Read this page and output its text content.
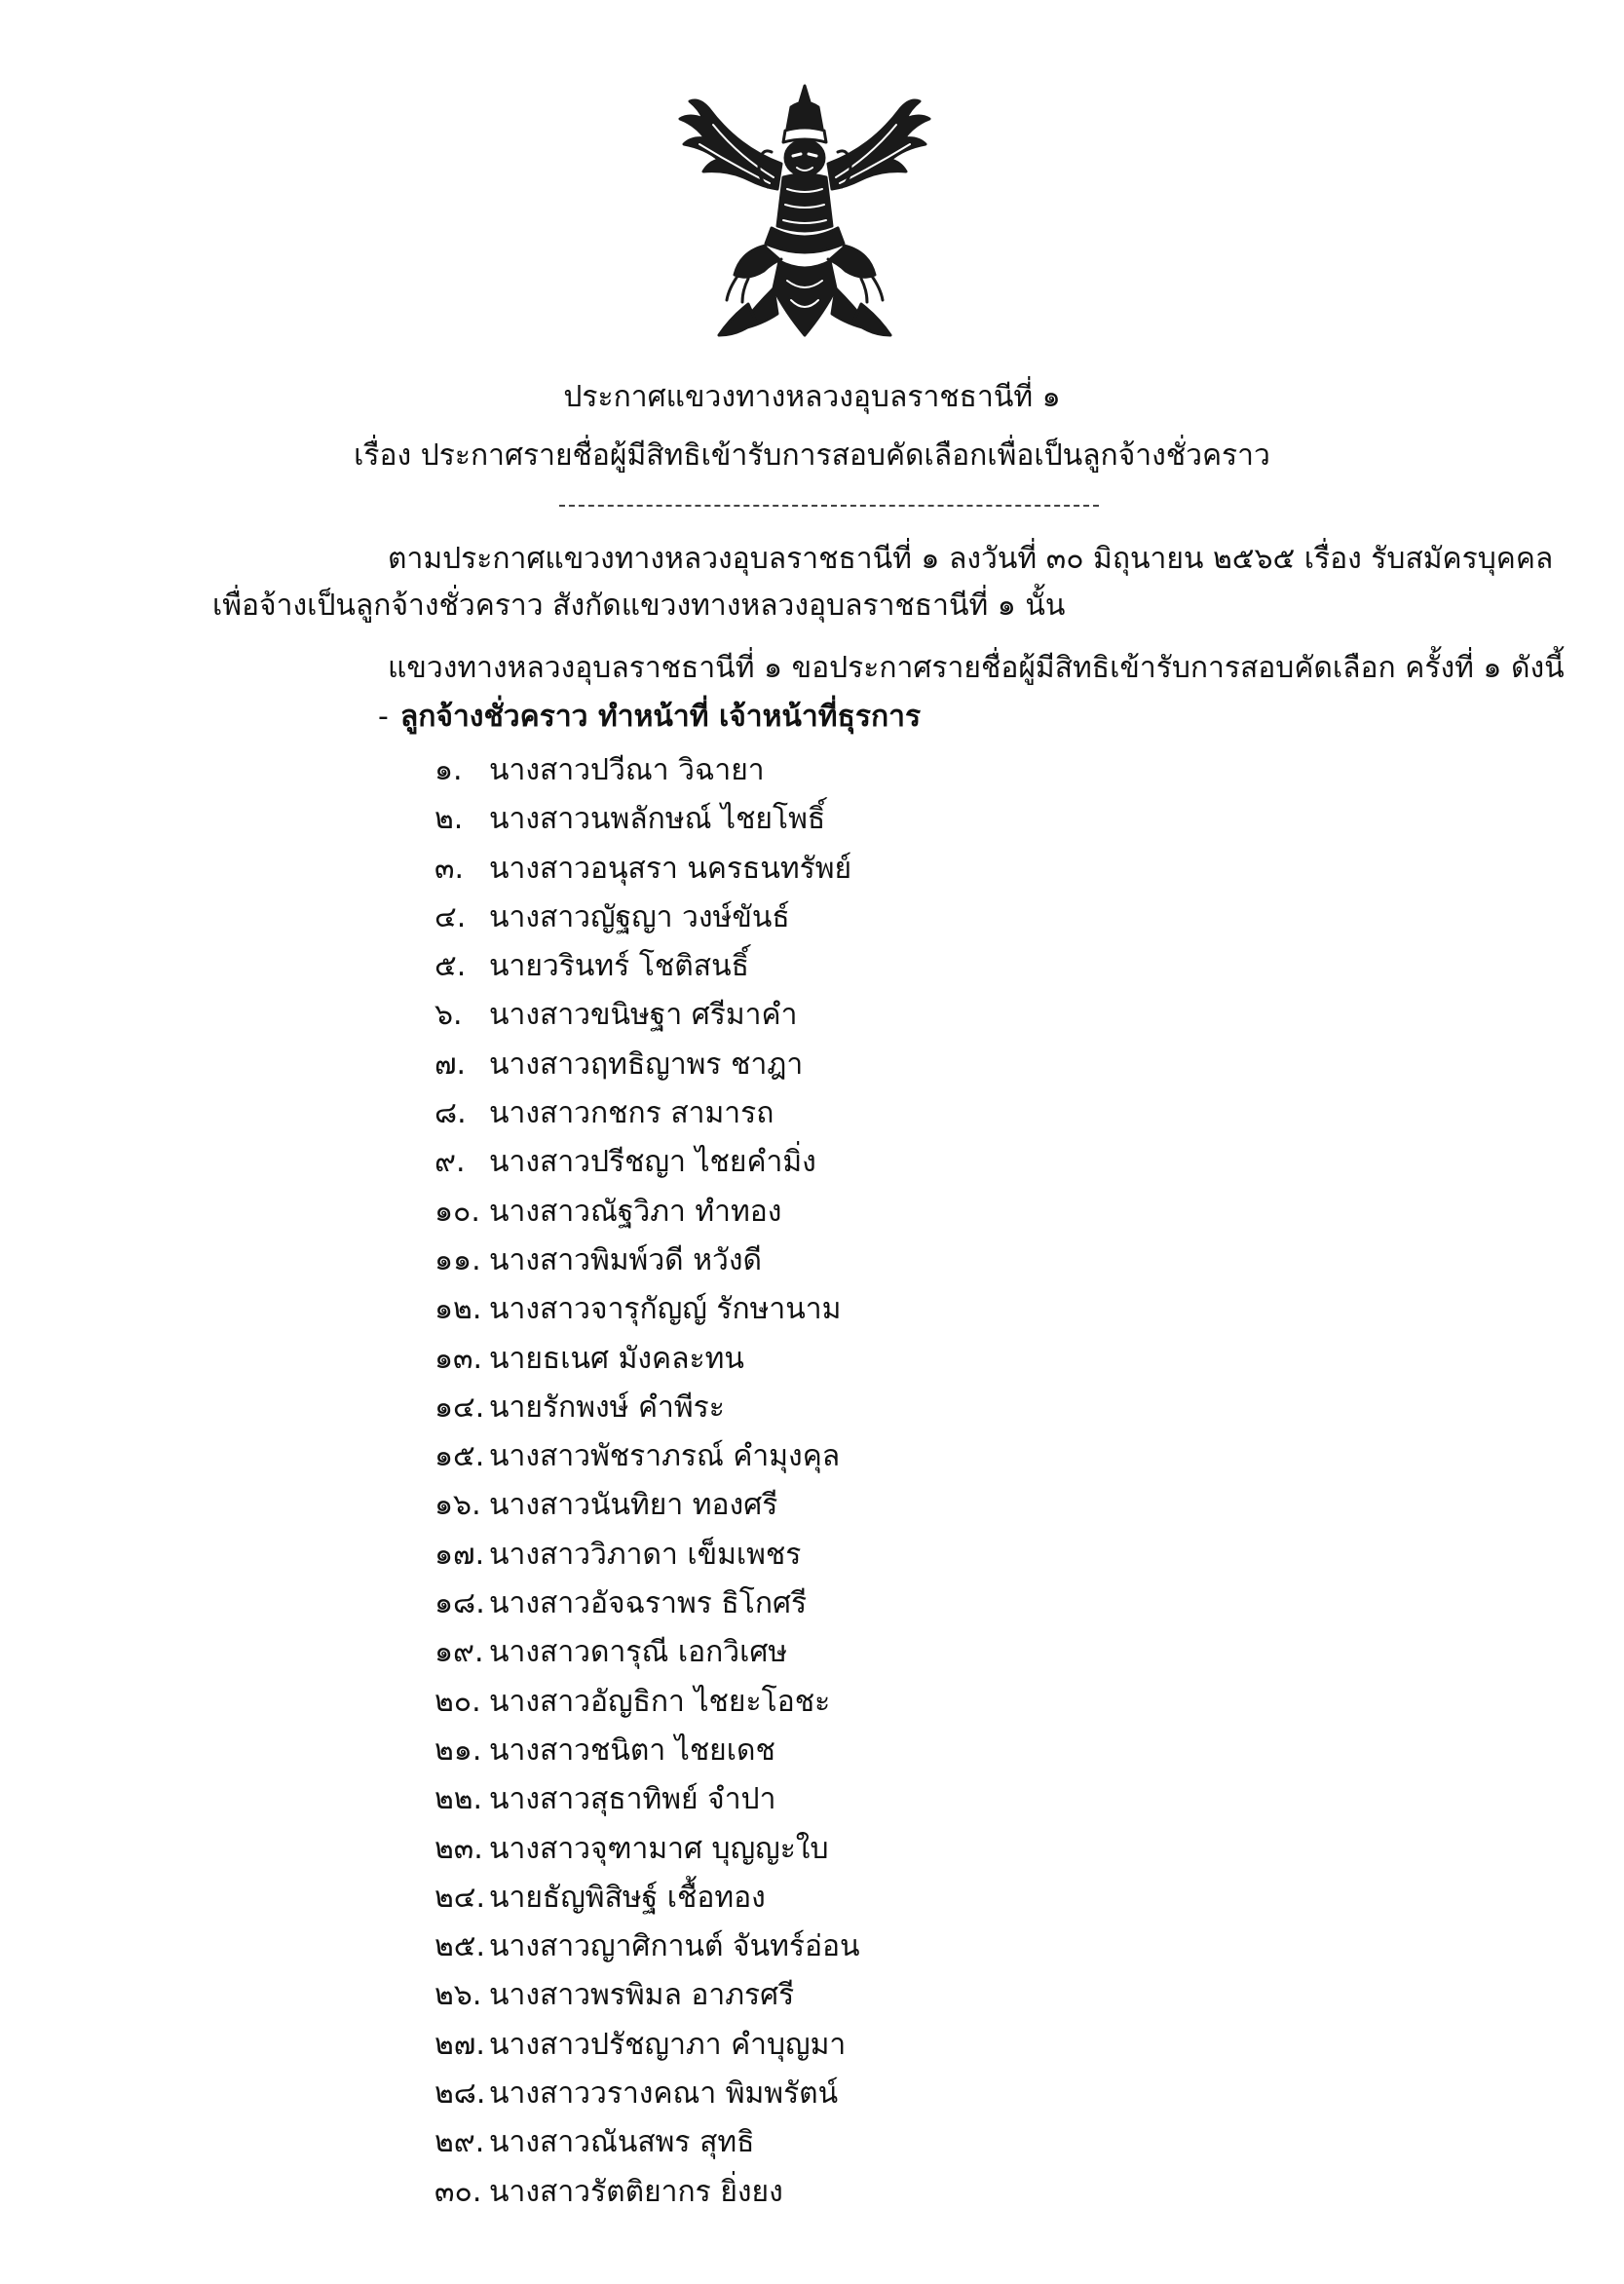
ประกาศแขวงทางหลวงอุบลราชธานีที่ ๑
เรื่อง ประกาศรายชื่อผู้มีสิทธิเข้ารับการสอบคัดเลือกเพื่อเป็นลูกจ้างชั่วคราว
ตามประกาศแขวงทางหลวงอุบลราชธานีที่ ๑ ลงวันที่ ๓๐ มิถุนายน ๒๕๖๕ เรื่อง รับสมัครบุคคล
เพื่อจ้างเป็นลูกจ้างชั่วคราว สังกัดแขวงทางหลวงอุบลราชธานีที่ ๑ นั้น
แขวงทางหลวงอุบลราชธานีที่ ๑ ขอประกาศรายชื่อผู้มีสิทธิเข้ารับการสอบคัดเลือก ครั้งที่ ๑ ดังนี้
- ลูกจ้างชั่วคราว ทำหน้าที่ เจ้าหน้าที่ธุรการ
๑. นางสาวปวีณา วิฉายา
๒. นางสาวนพลักษณ์ ไชยโพธิ์
๓. นางสาวอนุสรา นครธนทรัพย์
๔. นางสาวญัฐญา วงษ์ขันธ์
๕. นายวรินทร์ โชติสนธิ์
๖. นางสาวขนิษฐา ศรีมาคำ
๗. นางสาวฤทธิญาพร ชาฎา
๘. นางสาวกชกร สามารถ
๙. นางสาวปรีชญา ไชยคำมิ่ง
๑๐. นางสาวณัฐวิภา ทำทอง
๑๑. นางสาวพิมพ์วดี หวังดี
๑๒. นางสาวจารุกัญญ์ รักษานาม
๑๓. นายธเนศ มังคละทน
๑๔. นายรักพงษ์ คำพีระ
๑๕. นางสาวพัชราภรณ์ คำมุงคุล
๑๖. นางสาวนันทิยา ทองศรี
๑๗. นางสาววิภาดา เข็มเพชร
๑๘. นางสาวอัจฉราพร ธิโกศรี
๑๙. นางสาวดารุณี เอกวิเศษ
๒๐. นางสาวอัญธิกา ไชยะโอชะ
๒๑. นางสาวชนิตา ไชยเดช
๒๒. นางสาวสุธาทิพย์ จำปา
๒๓. นางสาวจุฑามาศ บุญญะใบ
๒๔. นายธัญพิสิษฐ์ เชื้อทอง
๒๕. นางสาวญาศิกานต์ จันทร์อ่อน
๒๖. นางสาวพรพิมล อาภรศรี
๒๗. นางสาวปรัชญาภา คำบุญมา
๒๘. นางสาววรางคณา พิมพรัตน์
๒๙. นางสาวณันสพร สุทธิ
๓๐. นางสาวรัตติยากร ยิ่งยง
